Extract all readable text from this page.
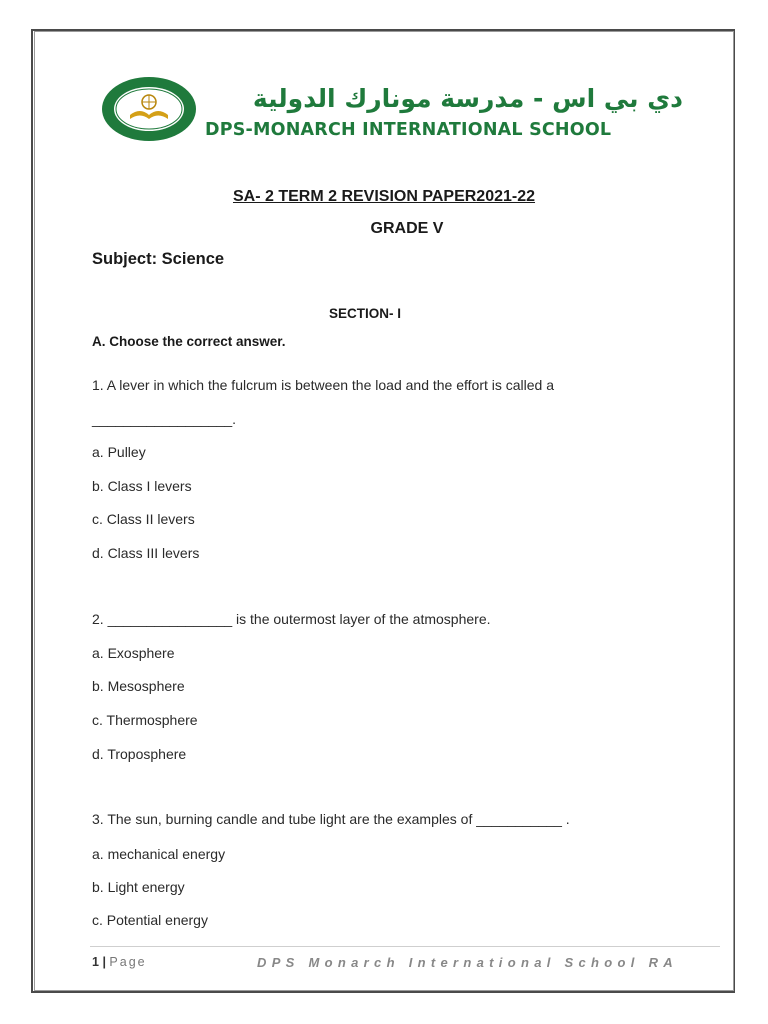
دي بي اس - مدرسة مونارك الدولية
DPS-MONARCH INTERNATIONAL SCHOOL
SA- 2 TERM 2 REVISION PAPER2021-22
GRADE V
Subject: Science
SECTION- I
A. Choose the correct answer.
1. A lever in which the fulcrum is between the load and the effort is called a
__________________.
a. Pulley
b. Class I levers
c. Class II levers
d. Class III levers
2. ________________ is the outermost layer of the atmosphere.
a. Exosphere
b. Mesosphere
c. Thermosphere
d. Troposphere
3. The sun, burning candle and tube light are the examples of ___________ .
a. mechanical energy
b. Light energy
c. Potential energy
1 | Page	DPS Monarch International School RA
